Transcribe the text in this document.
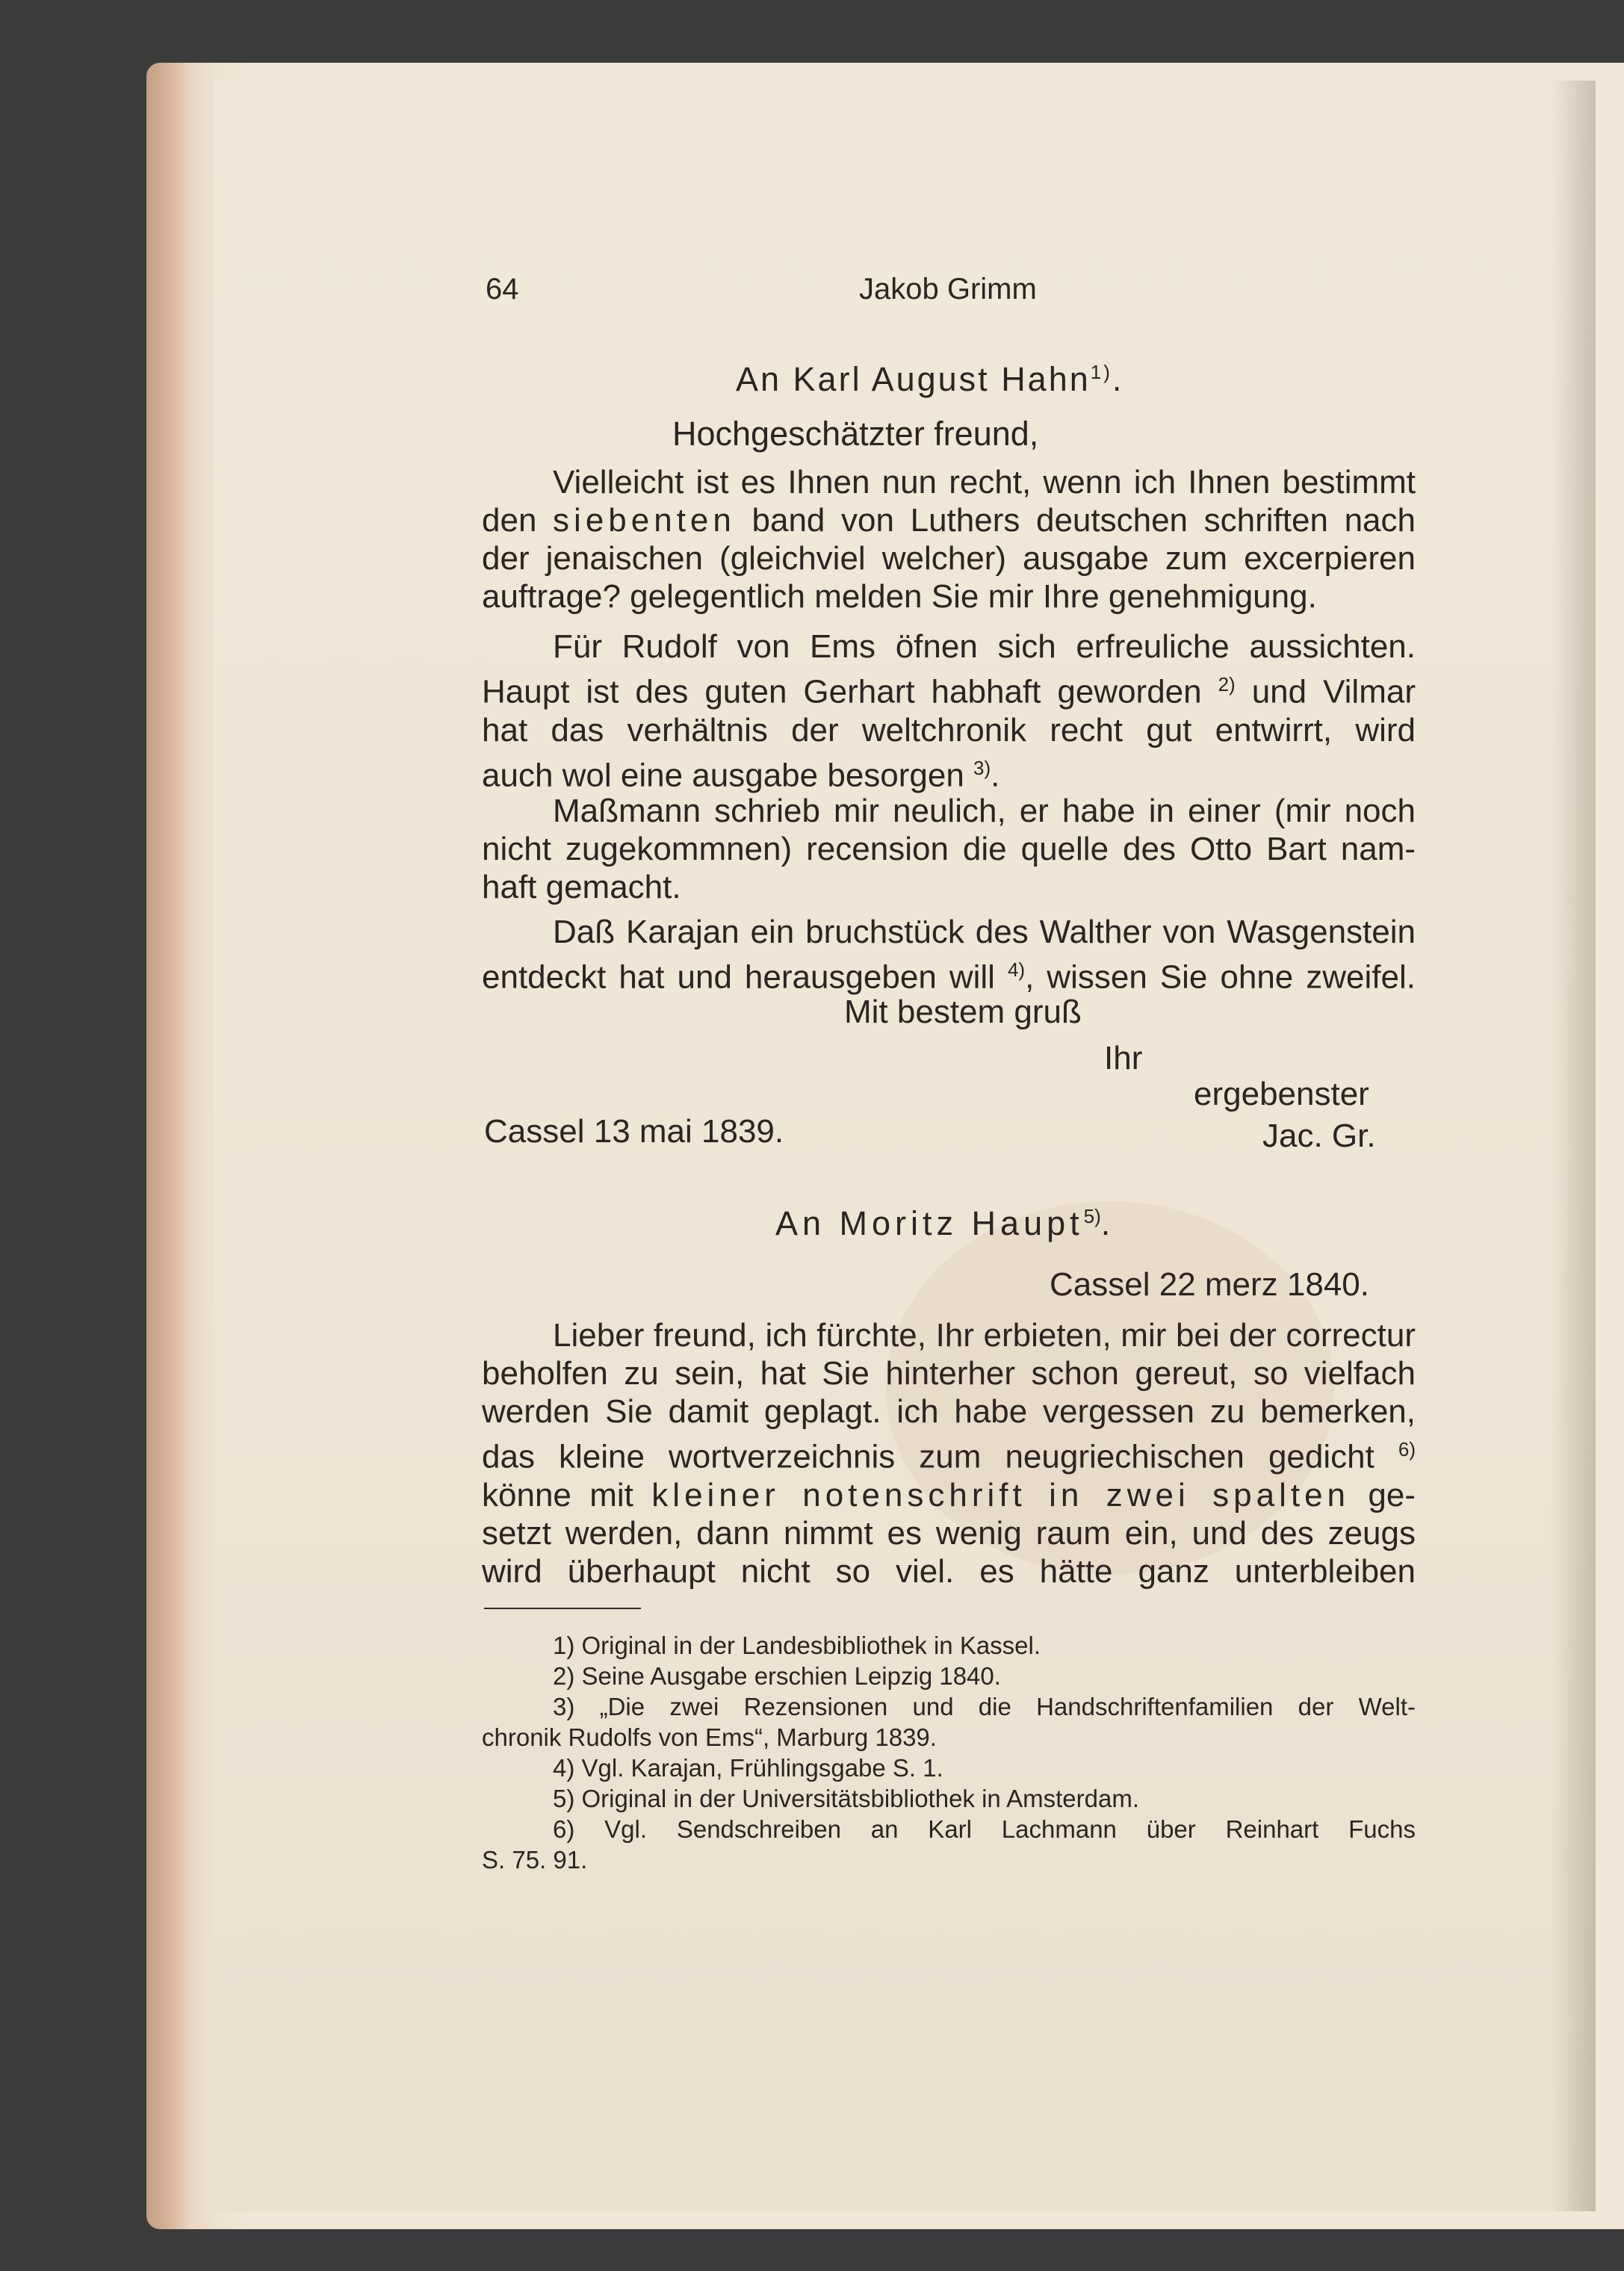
64	Jakob Grimm
An Karl August Hahn$^{1)}$.
Hochgeschätzter freund,
Vielleicht ist es Ihnen nun recht, wenn ich Ihnen bestimmt
den siebenten band von Luthers deutschen schriften nach
der jenaischen (gleichviel welcher) ausgabe zum excerpieren
auftrage? gelegentlich melden Sie mir Ihre genehmigung.
Für Rudolf von Ems öfnen sich erfreuliche aussichten.
Haupt ist des guten Gerhart habhaft geworden $^{2)}$ und Vilmar
hat das verhältnis der weltchronik recht gut entwirrt, wird
auch wol eine ausgabe besorgen $^{3)}$.
Maßmann schrieb mir neulich, er habe in einer (mir noch
nicht zugekommnen) recension die quelle des Otto Bart nam-
haft gemacht.
Daß Karajan ein bruchstück des Walther von Wasgenstein
entdeckt hat und herausgeben will $^{4)}$, wissen Sie ohne zweifel.
Mit bestem gruß
Ihr
ergebenster
Cassel 13 mai 1839.	Jac. Gr.
An Moritz Haupt$^{5)}$.
Cassel 22 merz 1840.
Lieber freund, ich fürchte, Ihr erbieten, mir bei der correctur
beholfen zu sein, hat Sie hinterher schon gereut, so vielfach
werden Sie damit geplagt. ich habe vergessen zu bemerken,
das kleine wortverzeichnis zum neugriechischen gedicht $^{6)}$
könne mit kleiner notenschrift in zwei spalten ge-
setzt werden, dann nimmt es wenig raum ein, und des zeugs
wird überhaupt nicht so viel. es hätte ganz unterbleiben
1) Original in der Landesbibliothek in Kassel.
2) Seine Ausgabe erschien Leipzig 1840.
3) „Die zwei Rezensionen und die Handschriftenfamilien der Welt-
chronik Rudolfs von Ems“, Marburg 1839.
4) Vgl. Karajan, Frühlingsgabe S. 1.
5) Original in der Universitätsbibliothek in Amsterdam.
6) Vgl. Sendschreiben an Karl Lachmann über Reinhart Fuchs
S. 75. 91.
